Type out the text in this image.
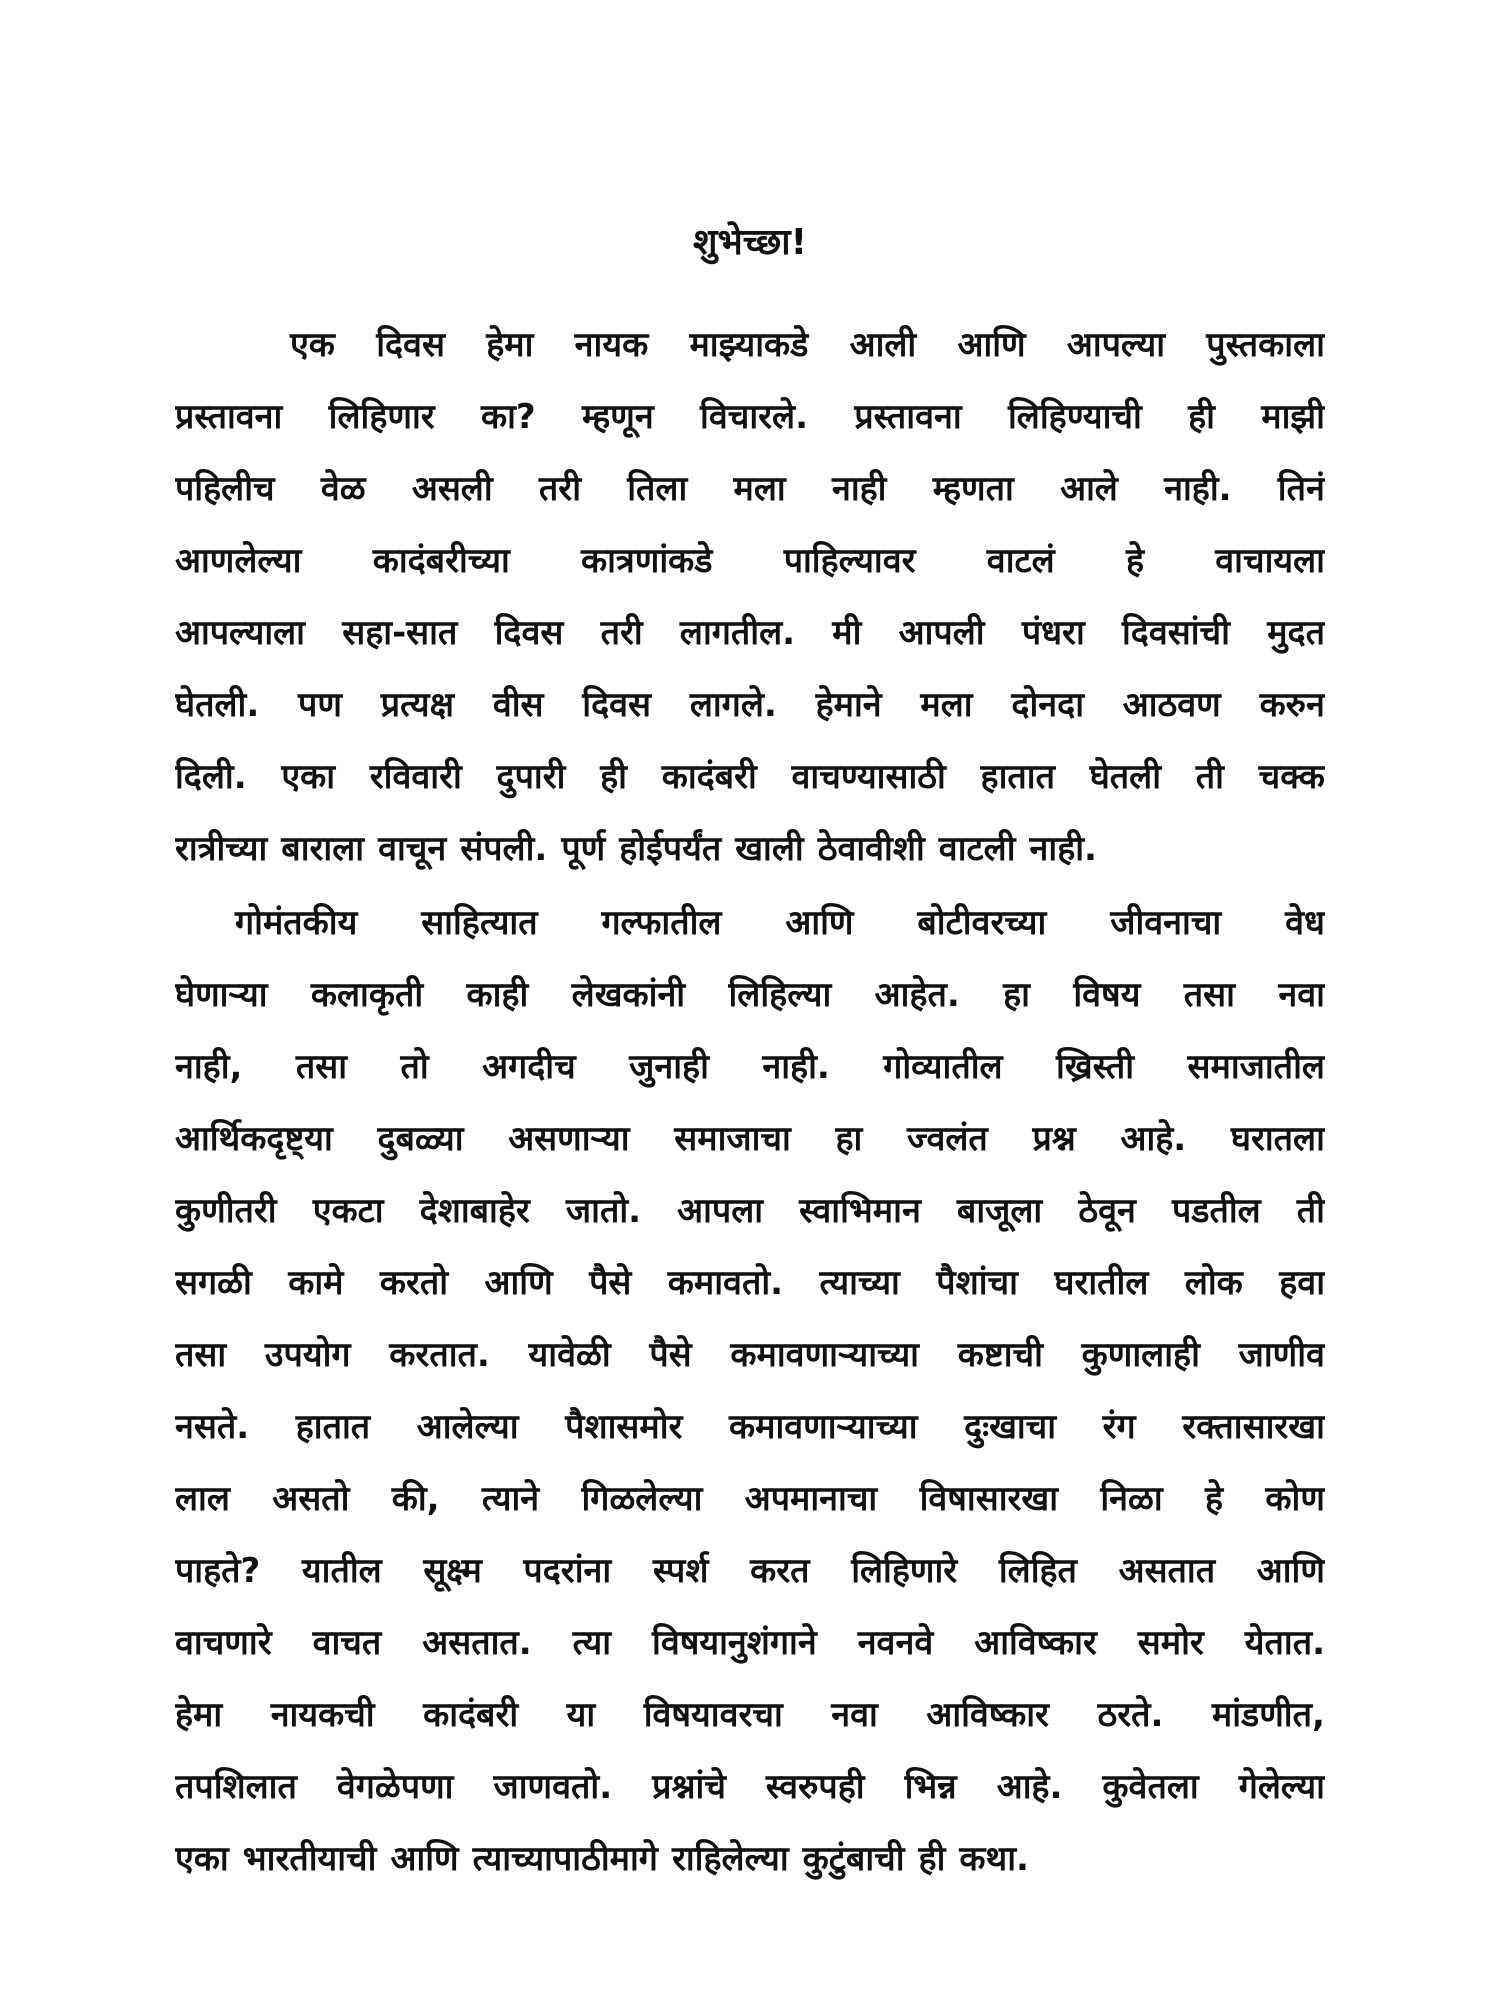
शुभेच्छा!
एक दिवस हेमा नायक माझ्याकडे आली आणि आपल्या पुस्तकाला
प्रस्तावना लिहिणार का? म्हणून विचारले. प्रस्तावना लिहिण्याची ही माझी
पहिलीच वेळ असली तरी तिला मला नाही म्हणता आले नाही. तिनं
आणलेल्या कादंबरीच्या कात्रणांकडे पाहिल्यावर वाटलं हे वाचायला
आपल्याला सहा-सात दिवस तरी लागतील. मी आपली पंधरा दिवसांची मुदत
घेतली. पण प्रत्यक्ष वीस दिवस लागले. हेमाने मला दोनदा आठवण करुन
दिली. एका रविवारी दुपारी ही कादंबरी वाचण्यासाठी हातात घेतली ती चक्क
रात्रीच्या बाराला वाचून संपली. पूर्ण होईपर्यंत खाली ठेवावीशी वाटली नाही.
गोमंतकीय साहित्यात गल्फातील आणि बोटीवरच्या जीवनाचा वेध
घेणाऱ्या कलाकृती काही लेखकांनी लिहिल्या आहेत. हा विषय तसा नवा
नाही, तसा तो अगदीच जुनाही नाही. गोव्यातील ख्रिस्ती समाजातील
आर्थिकदृष्ट्या दुबळ्या असणाऱ्या समाजाचा हा ज्वलंत प्रश्न आहे. घरातला
कुणीतरी एकटा देशाबाहेर जातो. आपला स्वाभिमान बाजूला ठेवून पडतील ती
सगळी कामे करतो आणि पैसे कमावतो. त्याच्या पैशांचा घरातील लोक हवा
तसा उपयोग करतात. यावेळी पैसे कमावणाऱ्याच्या कष्टाची कुणालाही जाणीव
नसते. हातात आलेल्या पैशासमोर कमावणाऱ्याच्या दुःखाचा रंग रक्तासारखा
लाल असतो की, त्याने गिळलेल्या अपमानाचा विषासारखा निळा हे कोण
पाहते? यातील सूक्ष्म पदरांना स्पर्श करत लिहिणारे लिहित असतात आणि
वाचणारे वाचत असतात. त्या विषयानुशंगाने नवनवे आविष्कार समोर येतात.
हेमा नायकची कादंबरी या विषयावरचा नवा आविष्कार ठरते. मांडणीत,
तपशिलात वेगळेपणा जाणवतो. प्रश्नांचे स्वरुपही भिन्न आहे. कुवेतला गेलेल्या
एका भारतीयाची आणि त्याच्यापाठीमागे राहिलेल्या कुटुंबाची ही कथा.
